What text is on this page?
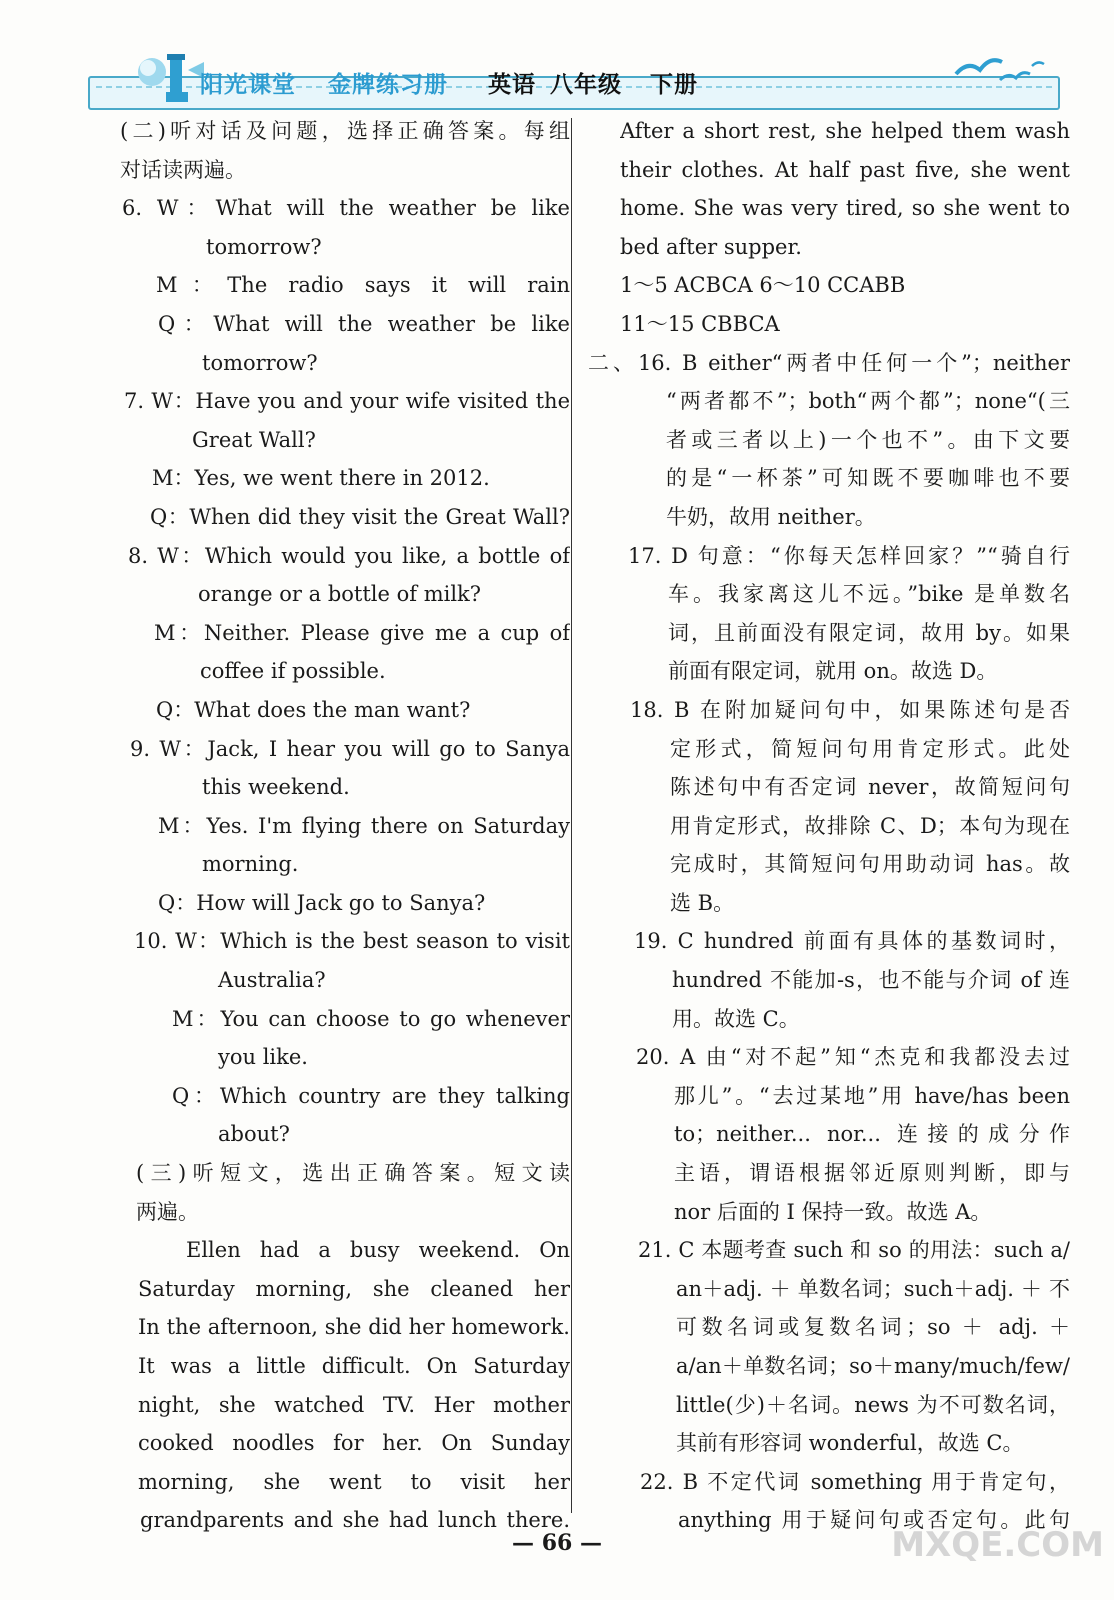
阳光课堂 金牌练习册 英语 八年级 下册
(二)听对话及问题，选择正确答案。每组
对话读两遍。
6. W：What will the weather be like
tomorrow?
M：The radio says it will rain
Q：What will the weather be like
tomorrow?
7. W：Have you and your wife visited the
Great Wall?
M：Yes, we went there in 2012.
Q：When did they visit the Great Wall?
8. W：Which would you like, a bottle of
orange or a bottle of milk?
M：Neither. Please give me a cup of
coffee if possible.
Q：What does the man want?
9. W：Jack, I hear you will go to Sanya
this weekend.
M：Yes. I'm flying there on Saturday
morning.
Q：How will Jack go to Sanya?
10. W：Which is the best season to visit
Australia?
M：You can choose to go whenever
you like.
Q：Which country are they talking
about?
(三)听短文，选出正确答案。短文读
两遍。
Ellen had a busy weekend. On
Saturday morning, she cleaned her
In the afternoon, she did her homework.
It was a little difficult. On Saturday
night, she watched TV. Her mother
cooked noodles for her. On Sunday
morning, she went to visit her
grandparents and she had lunch there.
After a short rest, she helped them wash
their clothes. At half past five, she went
home. She was very tired, so she went to
bed after supper.
1～5 ACBCA 6～10 CCABB
11～15 CBBCA
二、16. B either“两者中任何一个”；neither
“两者都不”；both“两个都”；none“(三
者或三者以上)一个也不”。由下文要
的是“一杯茶”可知既不要咖啡也不要
牛奶，故用 neither。
17. D 句意：“你每天怎样回家？”“骑自行
车。我家离这儿不远。”bike 是单数名
词，且前面没有限定词，故用 by。如果
前面有限定词，就用 on。故选 D。
18. B 在附加疑问句中，如果陈述句是否
定形式，简短问句用肯定形式。此处
陈述句中有否定词 never，故简短问句
用肯定形式，故排除 C、D；本句为现在
完成时，其简短问句用助动词 has。故
选 B。
19. C hundred 前面有具体的基数词时，
hundred 不能加-s，也不能与介词 of 连
用。故选 C。
20. A 由“对不起”知“杰克和我都没去过
那儿”。“去过某地”用 have/has been
to；neither... nor... 连接的成分作
主语，谓语根据邻近原则判断，即与
nor 后面的 I 保持一致。故选 A。
21. C 本题考查 such 和 so 的用法：such a/
an＋adj. ＋ 单数名词；such＋adj. ＋ 不
可数名词或复数名词；so ＋ adj. ＋
a/an＋单数名词；so＋many/much/few/
little(少)＋名词。news 为不可数名词，
其前有形容词 wonderful，故选 C。
22. B 不定代词 something 用于肯定句，
anything 用于疑问句或否定句。此句
— 66 —	MXQE.COM
